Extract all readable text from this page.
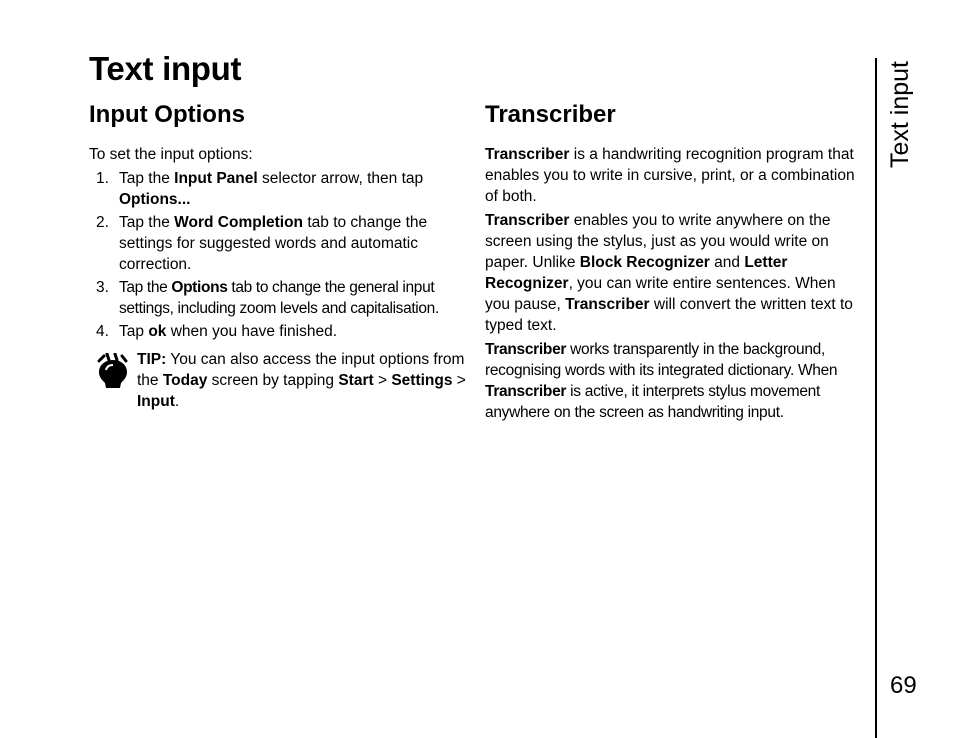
Text input
Input Options

To set the input options:

1. Tap the Input Panel selector arrow, then tap Options...
2. Tap the Word Completion tab to change the settings for suggested words and automatic correction.
3. Tap the Options tab to change the general input settings, including zoom levels and capitalisation.
4. Tap ok when you have finished.
TIP: You can also access the input options from the Today screen by tapping Start > Settings > Input.
Transcriber

Transcriber is a handwriting recognition program that enables you to write in cursive, print, or a combination of both.

Transcriber enables you to write anywhere on the screen using the stylus, just as you would write on paper. Unlike Block Recognizer and Letter Recognizer, you can write entire sentences. When you pause, Transcriber will convert the written text to typed text.

Transcriber works transparently in the background, recognising words with its integrated dictionary. When Transcriber is active, it interprets stylus movement anywhere on the screen as handwriting input.

Text input
69
